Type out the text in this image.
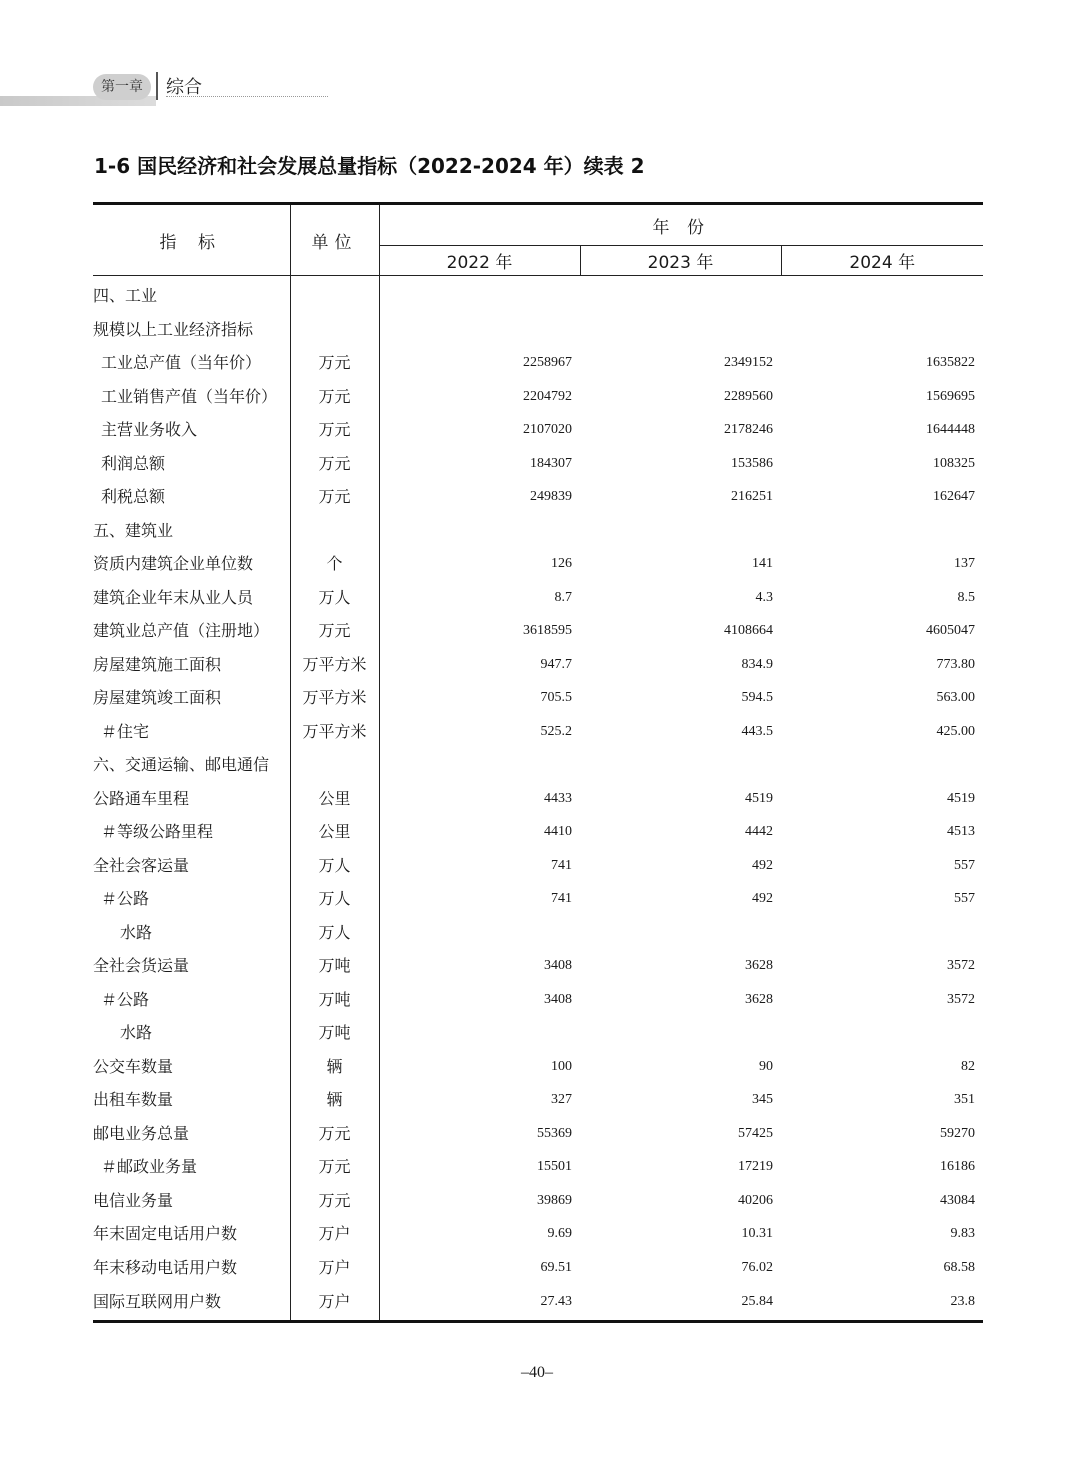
第一章	综合
1-6 国民经济和社会发展总量指标（2022-2024 年）续表 2
指 标	单位	年 份		
		2022 年	2023 年	2024 年
四、工业				
规模以上工业经济指标				
工业总产值（当年价）	万元	2258967	2349152	1635822
工业销售产值（当年价）	万元	2204792	2289560	1569695
主营业务收入	万元	2107020	2178246	1644448
利润总额	万元	184307	153586	108325
利税总额	万元	249839	216251	162647
五、建筑业				
资质内建筑企业单位数	个	126	141	137
建筑企业年末从业人员	万人	8.7	4.3	8.5
建筑业总产值（注册地）	万元	3618595	4108664	4605047
房屋建筑施工面积	万平方米	947.7	834.9	773.80
房屋建筑竣工面积	万平方米	705.5	594.5	563.00
＃住宅	万平方米	525.2	443.5	425.00
六、交通运输、邮电通信				
公路通车里程	公里	4433	4519	4519
＃等级公路里程	公里	4410	4442	4513
全社会客运量	万人	741	492	557
＃公路	万人	741	492	557
水路	万人			
全社会货运量	万吨	3408	3628	3572
＃公路	万吨	3408	3628	3572
水路	万吨			
公交车数量	辆	100	90	82
出租车数量	辆	327	345	351
邮电业务总量	万元	55369	57425	59270
＃邮政业务量	万元	15501	17219	16186
电信业务量	万元	39869	40206	43084
年末固定电话用户数	万户	9.69	10.31	9.83
年末移动电话用户数	万户	69.51	76.02	68.58
国际互联网用户数	万户	27.43	25.84	23.8
–40–
